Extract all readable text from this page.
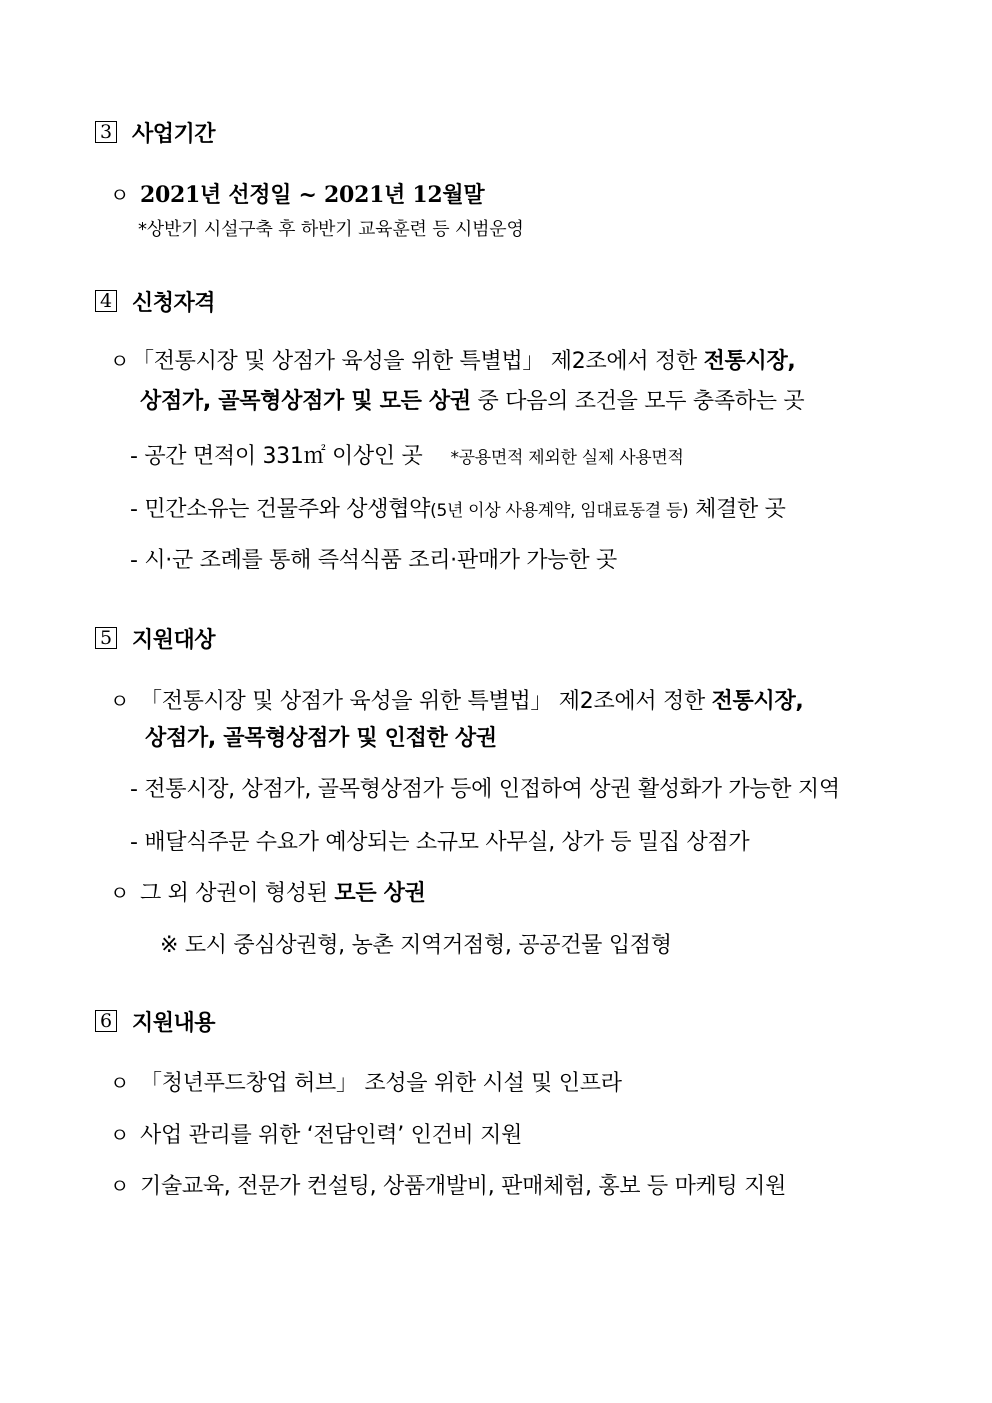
3 사업기간
ㅇ 2021년 선정일 ~ 2021년 12월말
*상반기 시설구축 후 하반기 교육훈련 등 시범운영
4 신청자격
ㅇ 「전통시장 및 상점가 육성을 위한 특별법」 제2조에서 정한 전통시장,
상점가, 골목형상점가 및 모든 상권 중 다음의 조건을 모두 충족하는 곳
- 공간 면적이 331㎡ 이상인 곳 *공용면적 제외한 실제 사용면적
- 민간소유는 건물주와 상생협약(5년 이상 사용계약, 임대료동결 등) 체결한 곳
- 시·군 조례를 통해 즉석식품 조리·판매가 가능한 곳
5 지원대상
ㅇ 「전통시장 및 상점가 육성을 위한 특별법」 제2조에서 정한 전통시장,
상점가, 골목형상점가 및 인접한 상권
- 전통시장, 상점가, 골목형상점가 등에 인접하여 상권 활성화가 가능한 지역
- 배달식주문 수요가 예상되는 소규모 사무실, 상가 등 밀집 상점가
ㅇ 그 외 상권이 형성된 모든 상권
※ 도시 중심상권형, 농촌 지역거점형, 공공건물 입점형
6 지원내용
ㅇ 「청년푸드창업 허브」 조성을 위한 시설 및 인프라
ㅇ 사업 관리를 위한 ‘전담인력’ 인건비 지원
ㅇ 기술교육, 전문가 컨설팅, 상품개발비, 판매체험, 홍보 등 마케팅 지원
